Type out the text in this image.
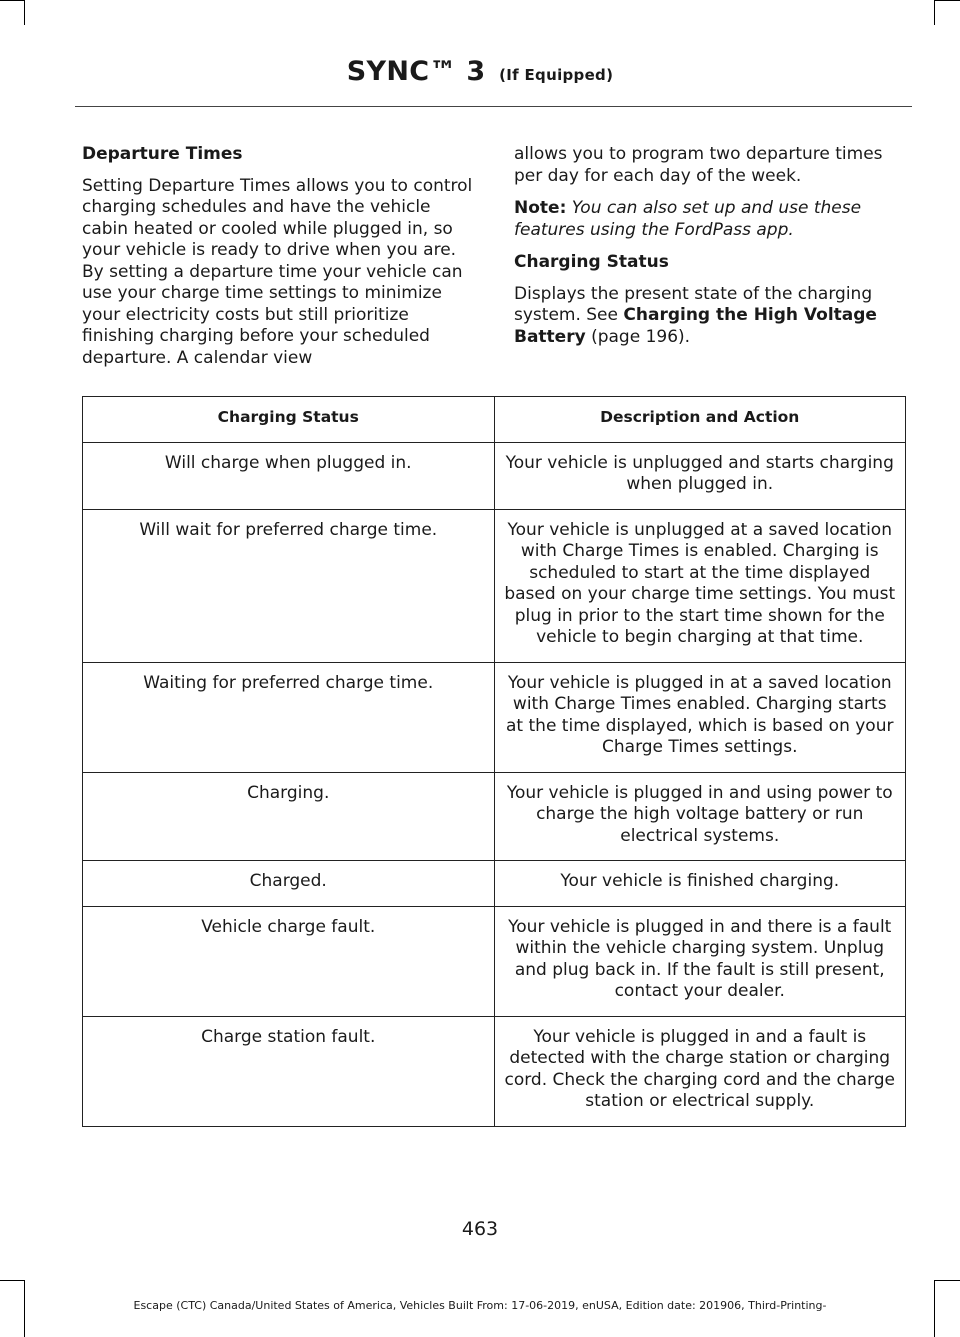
SYNC™ 3 (If Equipped)
Departure Times

Setting Departure Times allows you to control charging schedules and have the vehicle cabin heated or cooled while plugged in, so your vehicle is ready to drive when you are. By setting a departure time your vehicle can use your charge time settings to minimize your electricity costs but still prioritize finishing charging before your scheduled departure. A calendar view

allows you to program two departure times per day for each day of the week.

Note: You can also set up and use these features using the FordPass app.

Charging Status

Displays the present state of the charging system. See Charging the High Voltage Battery (page 196).

Charging Status	Description and Action
Will charge when plugged in.	Your vehicle is unplugged and starts charging when plugged in.
Will wait for preferred charge time.	Your vehicle is unplugged at a saved location with Charge Times is enabled. Charging is scheduled to start at the time displayed based on your charge time settings. You must plug in prior to the start time shown for the vehicle to begin charging at that time.
Waiting for preferred charge time.	Your vehicle is plugged in at a saved location with Charge Times enabled. Charging starts at the time displayed, which is based on your Charge Times settings.
Charging.	Your vehicle is plugged in and using power to charge the high voltage battery or run electrical systems.
Charged.	Your vehicle is finished charging.
Vehicle charge fault.	Your vehicle is plugged in and there is a fault within the vehicle charging system. Unplug and plug back in. If the fault is still present, contact your dealer.
Charge station fault.	Your vehicle is plugged in and a fault is detected with the charge station or charging cord. Check the charging cord and the charge station or electrical supply.
463
Escape (CTC) Canada/United States of America, Vehicles Built From: 17-06-2019, enUSA, Edition date: 201906, Third-Printing-
